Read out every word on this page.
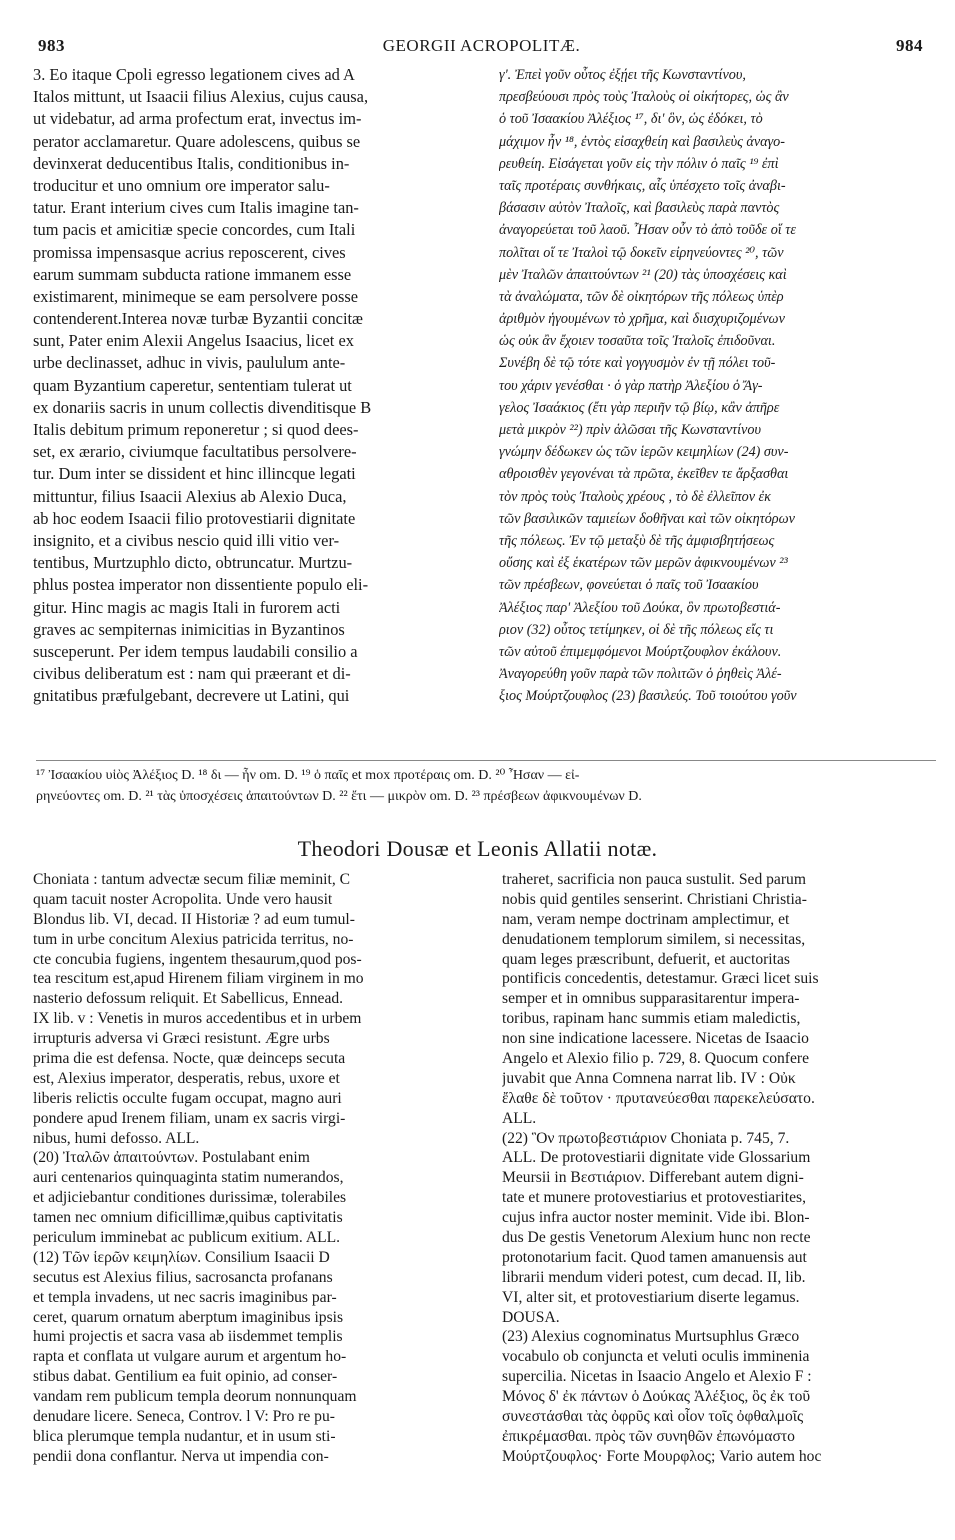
983	GEORGII ACROPOLITÆ.	984
3. Eo itaque Cpoli egresso legationem cives ad A
Italos mittunt, ut Isaacii filius Alexius, cujus causa,
ut videbatur, ad arma profectum erat, invectus im-
perator acclamaretur. Quare adolescens, quibus se
devinxerat deducentibus Italis, conditionibus in-
troducitur et uno omnium ore imperator salu-
tatur. Erant interium cives cum Italis imagine tan-
tum pacis et amicitiæ specie concordes, cum Itali
promissa impensasque acrius reposcerent, cives
earum summam subducta ratione immanem esse
existimarent, minimeque se eam persolvere posse
contenderent.Interea novæ turbæ Byzantii concitæ
sunt, Pater enim Alexii Angelus Isaacius, licet ex
urbe declinasset, adhuc in vivis, paululum ante-
quam Byzantium caperetur, sententiam tulerat ut
ex donariis sacris in unum collectis divenditisque B
Italis debitum primum reponeretur ; si quod dees-
set, ex ærario, civiumque facultatibus persolvere-
tur. Dum inter se dissident et hinc illincque legati
mittuntur, filius Isaacii Alexius ab Alexio Duca,
ab hoc eodem Isaacii filio protovestiarii dignitate
insignito, et a civibus nescio quid illi vitio ver-
tentibus, Murtzuphlo dicto, obtruncatur. Murtzu-
phlus postea imperator non dissentiente populo eli-
gitur. Hinc magis ac magis Itali in furorem acti
graves ac sempiternas inimicitias in Byzantinos
susceperunt. Per idem tempus laudabili consilio a
civibus deliberatum est : nam qui præerant et di-
gnitatibus præfulgebant, decrevere ut Latini, qui
γ'. Ἐπεὶ γοῦν οὗτος ἐξῄει τῆς Κωνσταντίνου,
πρεσβεύουσι πρὸς τοὺς Ἰταλοὺς οἱ οἰκήτορες, ὡς ἂν
ὁ τοῦ Ἰσαακίου Ἀλέξιος ¹⁷, δι' ὃν, ὡς ἐδόκει, τὸ
μάχιμον ἦν ¹⁸, ἐντὸς εἰσαχθείη καὶ βασιλεὺς ἀναγο-
ρευθείη. Εἰσάγεται γοῦν εἰς τὴν πόλιν ὁ παῖς ¹⁹ ἐπὶ
ταῖς προτέραις συνθήκαις, αἷς ὑπέσχετο τοῖς ἀναβι-
βάσασιν αὐτὸν Ἰταλοῖς, καὶ βασιλεὺς παρὰ παντὸς
ἀναγορεύεται τοῦ λαοῦ. Ἦσαν οὖν τὸ ἀπὸ τοῦδε οἵ τε
πολῖται οἵ τε Ἰταλοὶ τῷ δοκεῖν εἰρηνεύοντες ²⁰, τῶν
μὲν Ἰταλῶν ἀπαιτούντων ²¹ (20) τὰς ὑποσχέσεις καὶ
τὰ ἀναλώματα, τῶν δὲ οἰκητόρων τῆς πόλεως ὑπὲρ
ἀριθμὸν ἡγουμένων τὸ χρῆμα, καὶ διισχυριζομένων
ὡς οὐκ ἂν ἔχοιεν τοσαῦτα τοῖς Ἰταλοῖς ἐπιδοῦναι.
Συνέβη δὲ τῷ τότε καὶ γογγυσμὸν ἐν τῇ πόλει τοῦ-
του χάριν γενέσθαι · ὁ γὰρ πατὴρ Ἀλεξίου ὁ Ἄγ-
γελος Ἰσαάκιος (ἔτι γὰρ περιῆν τῷ βίῳ, κἂν ἀπῆρε
μετὰ μικρὸν ²²) πρὶν ἁλῶσαι τῆς Κωνσταντίνου
γνώμην δέδωκεν ὡς τῶν ἱερῶν κειμηλίων (24) συν-
αθροισθὲν γεγονέναι τὰ πρῶτα, ἐκεῖθεν τε ἄρξασθαι
τὸν πρὸς τοὺς Ἰταλοὺς χρέους , τὸ δὲ ἐλλεῖπον ἐκ
τῶν βασιλικῶν ταμιείων δοθῆναι καὶ τῶν οἰκητόρων
τῆς πόλεως. Ἐν τῷ μεταξὺ δὲ τῆς ἀμφισβητήσεως
οὔσης καὶ ἐξ ἑκατέρων τῶν μερῶν ἀφικνουμένων ²³
τῶν πρέσβεων, φονεύεται ὁ παῖς τοῦ Ἰσαακίου
Ἀλέξιος παρ' Ἀλεξίου τοῦ Δούκα, ὃν πρωτοβεστιά-
ριον (32) οὗτος τετίμηκεν, οἱ δὲ τῆς πόλεως εἴς τι
τῶν αὐτοῦ ἐπιμεμφόμενοι Μούρτζουφλον ἐκάλουν.
Ἀναγορεύθη γοῦν παρὰ τῶν πολιτῶν ὁ ῥηθεὶς Ἀλέ-
ξιος Μούρτζουφλος (23) βασιλεύς. Τοῦ τοιούτου γοῦν
¹⁷ Ἰσαακίου υἱὸς Ἀλέξιος D. ¹⁸ δι — ἦν om. D. ¹⁹ ὁ παῖς et mox προτέραις om. D. ²⁰ Ἦσαν — εἰ-
ρηνεύοντες om. D. ²¹ τὰς ὑποσχέσεις ἀπαιτούντων D. ²² ἔτι — μικρὸν om. D. ²³ πρέσβεων ἀφικνουμένων D.
Theodori Dousæ et Leonis Allatii notæ.
Choniata : tantum advectæ secum filiæ meminit, C
quam tacuit noster Acropolita. Unde vero hausit
Blondus lib. VI, decad. II Historiæ ? ad eum tumul-
tum in urbe concitum Alexius patricida territus, no-
cte concubia fugiens, ingentem thesaurum,quod pos-
tea rescitum est,apud Hirenem filiam virginem in mo
nasterio defossum reliquit. Et Sabellicus, Ennead.
IX lib. v : Venetis in muros accedentibus et in urbem
irrupturis adversa vi Græci resistunt. Ægre urbs
prima die est defensa. Nocte, quæ deinceps secuta
est, Alexius imperator, desperatis, rebus, uxore et
liberis relictis occulte fugam occupat, magno auri
pondere apud Irenem filiam, unam ex sacris virgi-
nibus, humi defosso. ALL.
(20) Ἰταλῶν ἀπαιτούντων. Postulabant enim
auri centenarios quinquaginta statim numerandos,
et adjiciebantur conditiones durissimæ, tolerabiles
tamen nec omnium dificillimæ,quibus captivitatis
periculum imminebat ac publicum exitium. ALL.
(12) Τῶν ἱερῶν κειμηλίων. Consilium Isaacii D
secutus est Alexius filius, sacrosancta profanans
et templa invadens, ut nec sacris imaginibus par-
ceret, quarum ornatum aberptum imaginibus ipsis
humi projectis et sacra vasa ab iisdemmet templis
rapta et conflata ut vulgare aurum et argentum ho-
stibus dabat. Gentilium ea fuit opinio, ad conser-
vandam rem publicum templa deorum nonnunquam
denudare licere. Seneca, Controv. l V: Pro re pu-
blica plerumque templa nudantur, et in usum sti-
pendii dona conflantur. Nerva ut impendia con-
traheret, sacrificia non pauca sustulit. Sed parum
nobis quid gentiles senserint. Christiani Christia-
nam, veram nempe doctrinam amplectimur, et
denudationem templorum similem, si necessitas,
quam leges præscribunt, defuerit, et auctoritas
pontificis concedentis, detestamur. Græci licet suis
semper et in omnibus supparasitarentur impera-
toribus, rapinam hanc summis etiam maledictis,
non sine indicatione lacessere. Nicetas de Isaacio
Angelo et Alexio filio p. 729, 8. Quocum confere
juvabit que Anna Comnena narrat lib. IV : Οὐκ
ἔλαθε δὲ τοῦτον · πρυτανεύεσθαι παρεκελεύσατο.
ALL.
(22) Ὃν πρωτοβεστιάριον Choniata p. 745, 7.
ALL. De protovestiarii dignitate vide Glossarium
Meursii in Βεστιάριον. Differebant autem digni-
tate et munere protovestiarius et protovestiarites,
cujus infra auctor noster meminit. Vide ibi. Blon-
dus De gestis Venetorum Alexium hunc non recte
protonotarium facit. Quod tamen amanuensis aut
librarii mendum videri potest, cum decad. II, lib.
VI, alter sit, et protovestiarium diserte legamus.
DOUSA.
(23) Alexius cognominatus Murtsuphlus Græco
vocabulo ob conjuncta et veluti oculis imminenia
supercilia. Nicetas in Isaacio Angelo et Alexio F :
Μόνος δ' ἐκ πάντων ὁ Δούκας Ἀλέξιος, ὃς ἐκ τοῦ
συνεστάσθαι τὰς ὀφρῦς καὶ οἷον τοῖς ὀφθαλμοῖς
ἐπικρέμασθαι. πρὸς τῶν συνηθῶν ἐπωνόμαστο
Μούρτζουφλος· Forte Μουρφλος; Vario autem hoc
